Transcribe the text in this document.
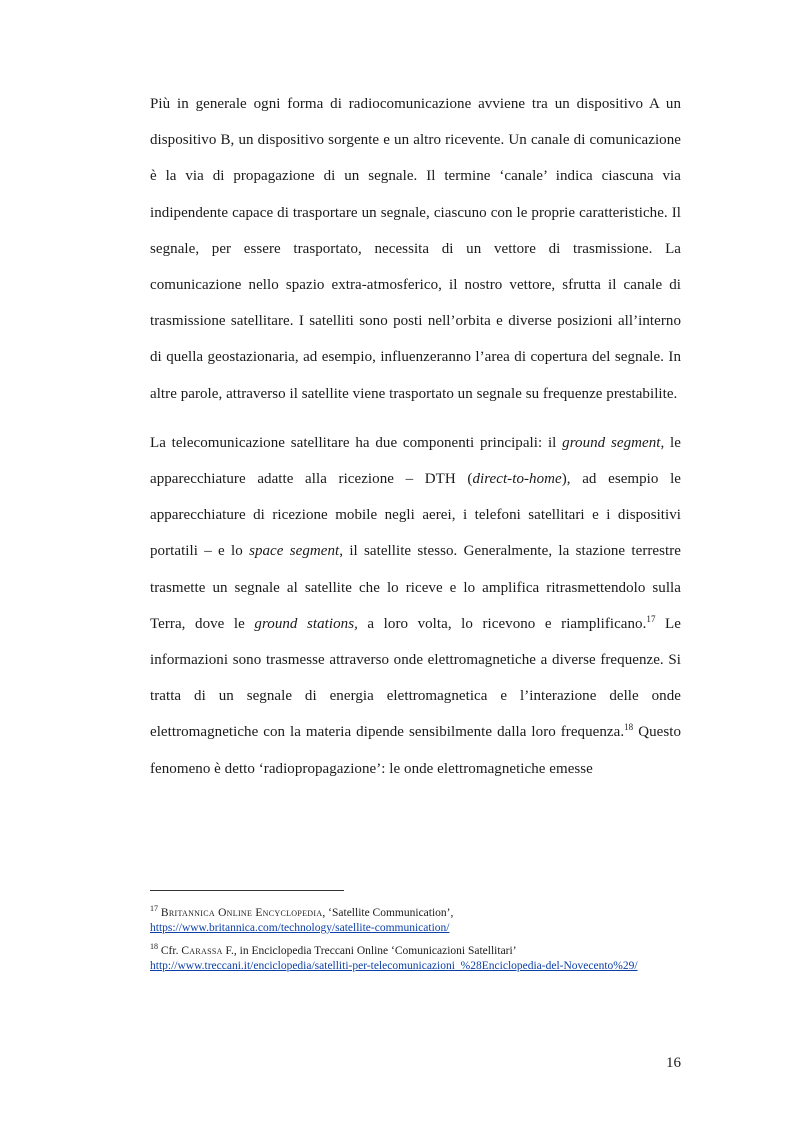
Più in generale ogni forma di radiocomunicazione avviene tra un dispositivo A un dispositivo B, un dispositivo sorgente e un altro ricevente. Un canale di comunicazione è la via di propagazione di un segnale. Il termine ‘canale’ indica ciascuna via indipendente capace di trasportare un segnale, ciascuno con le proprie caratteristiche. Il segnale, per essere trasportato, necessita di un vettore di trasmissione. La comunicazione nello spazio extra-atmosferico, il nostro vettore, sfrutta il canale di trasmissione satellitare. I satelliti sono posti nell’orbita e diverse posizioni all’interno di quella geostazionaria, ad esempio, influenzeranno l’area di copertura del segnale. In altre parole, attraverso il satellite viene trasportato un segnale su frequenze prestabilite.

La telecomunicazione satellitare ha due componenti principali: il ground segment, le apparecchiature adatte alla ricezione – DTH (direct-to-home), ad esempio le apparecchiature di ricezione mobile negli aerei, i telefoni satellitari e i dispositivi portatili – e lo space segment, il satellite stesso. Generalmente, la stazione terrestre trasmette un segnale al satellite che lo riceve e lo amplifica ritrasmettendolo sulla Terra, dove le ground stations, a loro volta, lo ricevono e riamplificano.$^{17}$ Le informazioni sono trasmesse attraverso onde elettromagnetiche a diverse frequenze. Si tratta di un segnale di energia elettromagnetica e l’interazione delle onde elettromagnetiche con la materia dipende sensibilmente dalla loro frequenza.$^{18}$ Questo fenomeno è detto ‘radiopropagazione’: le onde elettromagnetiche emesse

$^{17}$ Britannica Online Encyclopedia, ‘Satellite Communication’,
https://www.britannica.com/technology/satellite-communication/

$^{18}$ Cfr. Carassa F., in Enciclopedia Treccani Online ‘Comunicazioni Satellitari’
http://www.treccani.it/enciclopedia/satelliti-per-telecomunicazioni_%28Enciclopedia-del-Novecento%29/

16
